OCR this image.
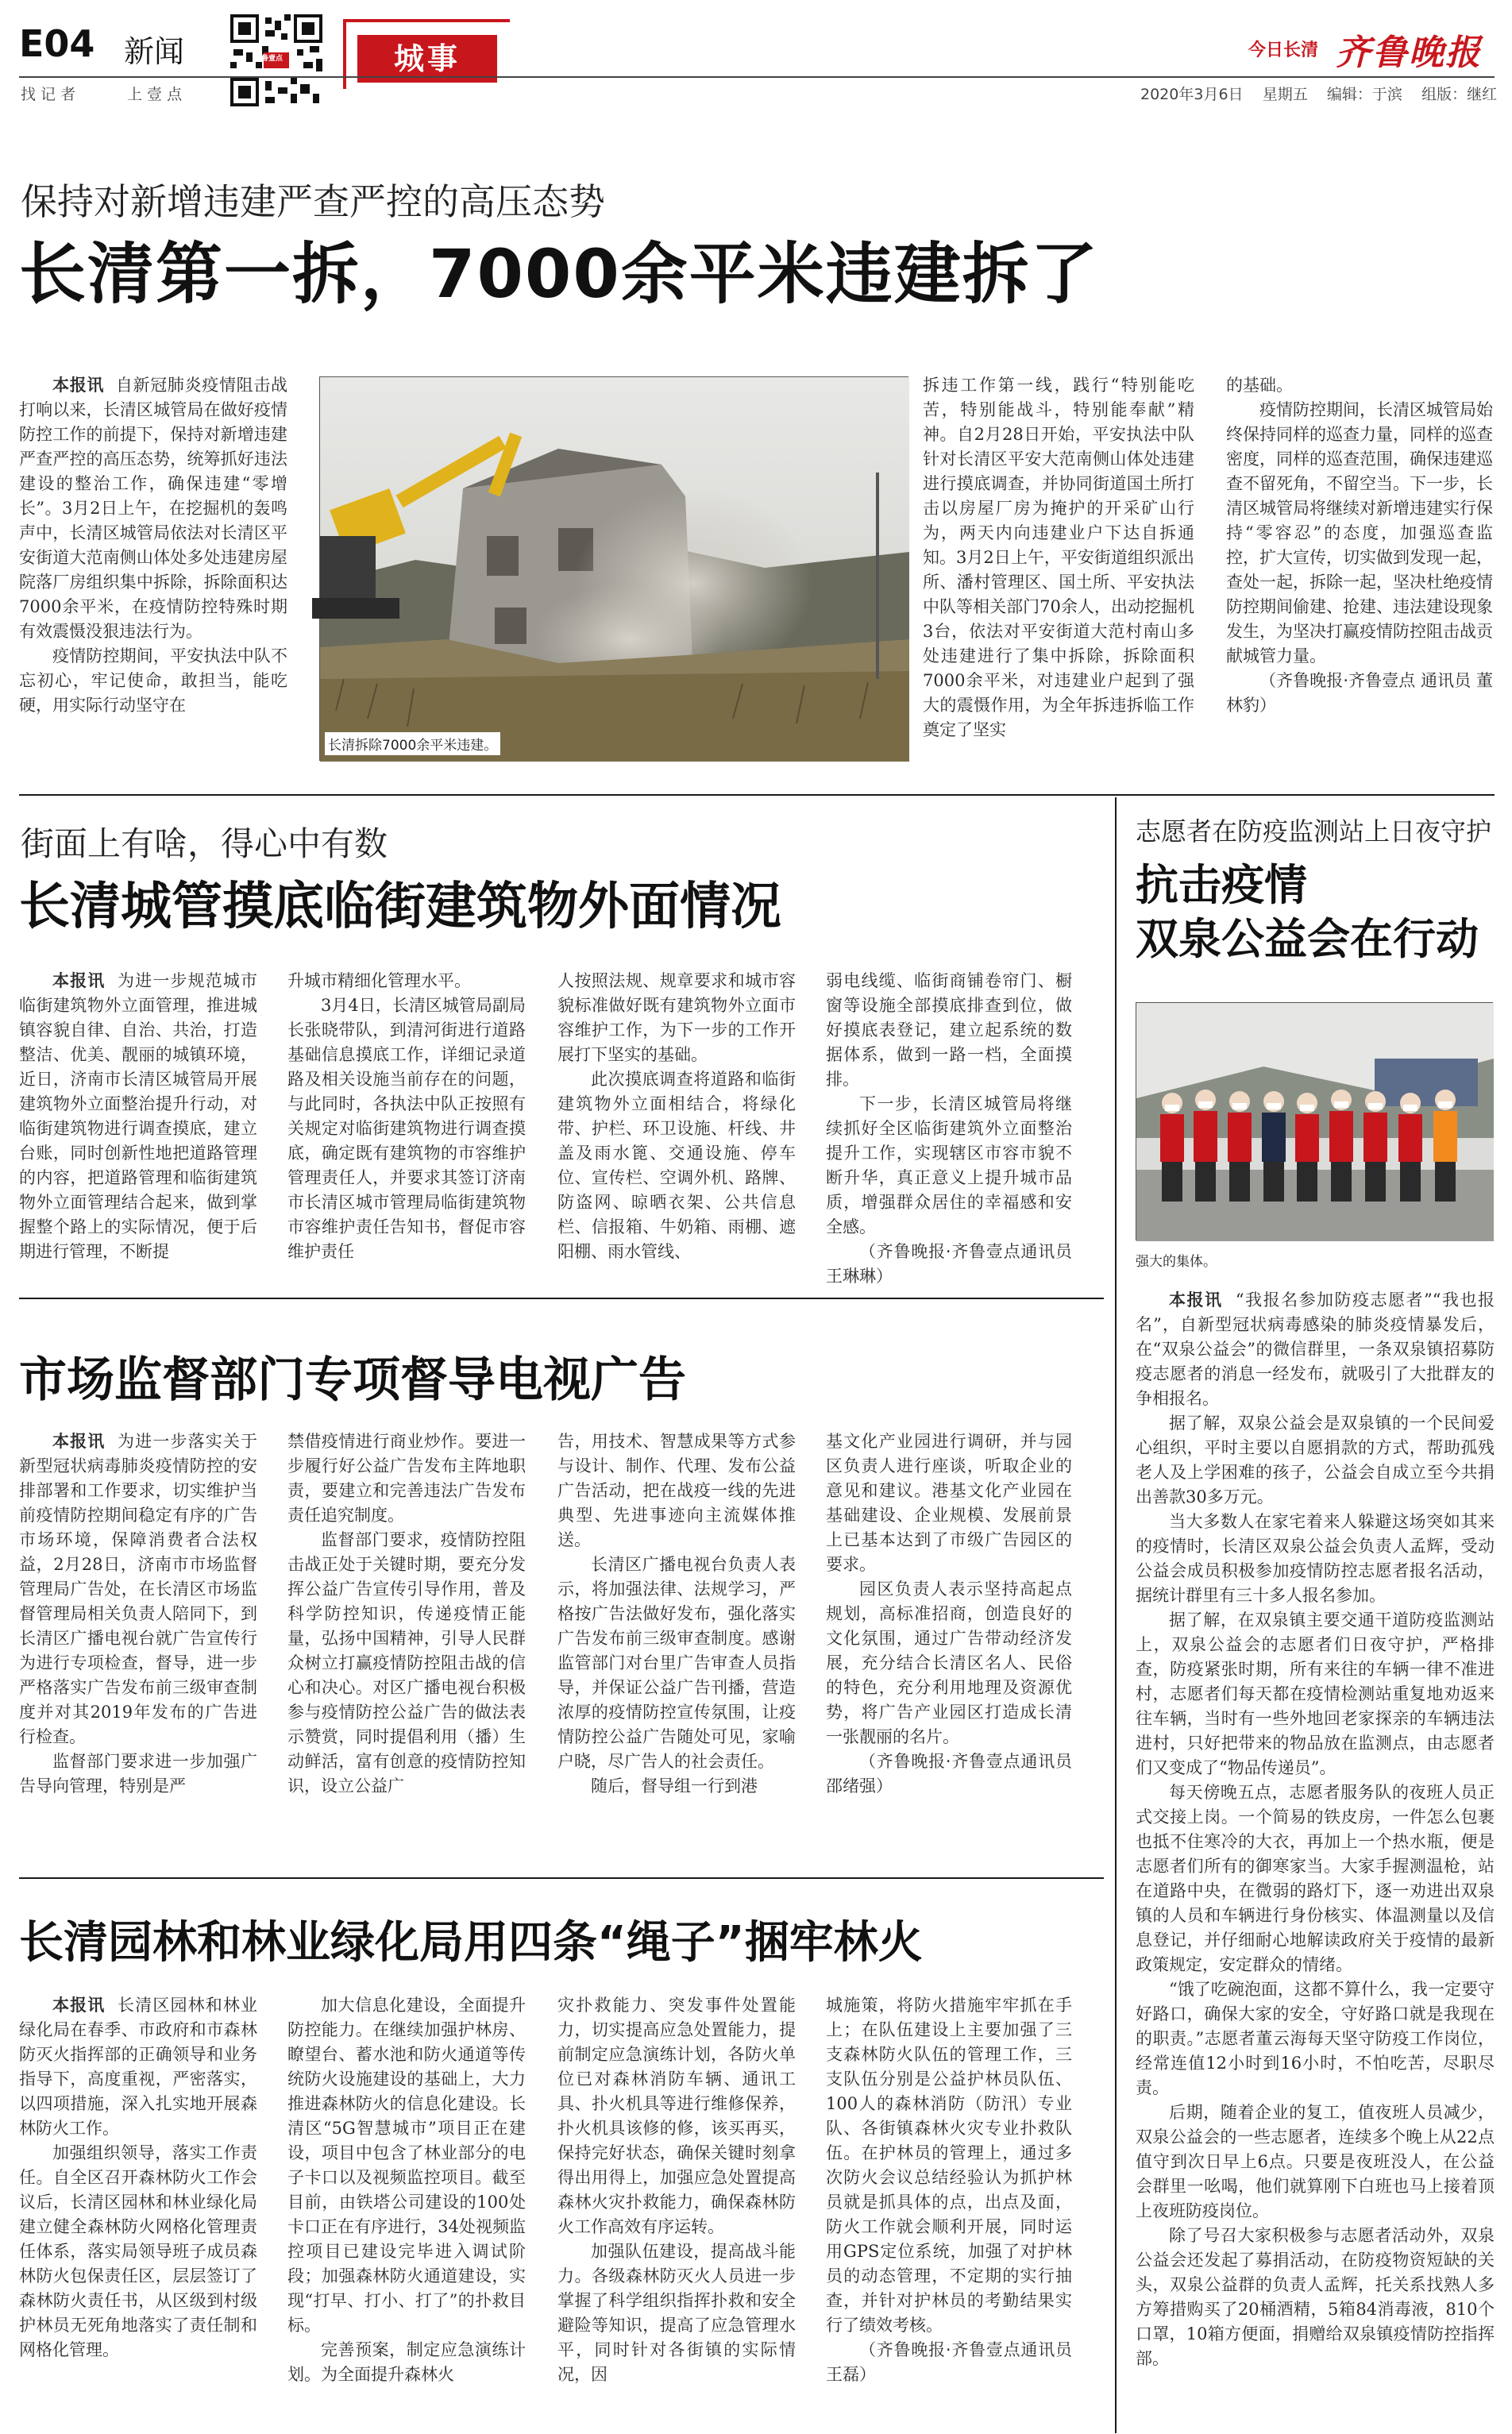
E04 新闻
找 记 者	上 壹 点
齐鲁壹点	城事	今日长清 齐鲁晚报
2020年3月6日 星期五 编辑：于滨 组版：继红
保持对新增违建严查严控的高压态势
长清第一拆，7000余平米违建拆了

本报讯 自新冠肺炎疫情阻击战打响以来，长清区城管局在做好疫情防控工作的前提下，保持对新增违建严查严控的高压态势，统筹抓好违法建设的整治工作，确保违建“零增长”。3月2日上午，在挖掘机的轰鸣声中，长清区城管局依法对长清区平安街道大范南侧山体处多处违建房屋院落厂房组织集中拆除，拆除面积达7000余平米，在疫情防控特殊时期有效震慑没狠违法行为。

疫情防控期间，平安执法中队不忘初心，牢记使命，敢担当，能吃硬，用实际行动坚守在

长清拆除7000余平米违建。

拆违工作第一线，践行“特别能吃苦，特别能战斗，特别能奉献”精神。自2月28日开始，平安执法中队针对长清区平安大范南侧山体处违建进行摸底调查，并协同街道国土所打击以房屋厂房为掩护的开采矿山行为，两天内向违建业户下达自拆通知。3月2日上午，平安街道组织派出所、潘村管理区、国土所、平安执法中队等相关部门70余人，出动挖掘机3台，依法对平安街道大范村南山多处违建进行了集中拆除，拆除面积7000余平米，对违建业户起到了强大的震慑作用，为全年拆违拆临工作奠定了坚实

的基础。

疫情防控期间，长清区城管局始终保持同样的巡查力量，同样的巡查密度，同样的巡查范围，确保违建巡查不留死角，不留空当。下一步，长清区城管局将继续对新增违建实行保持“零容忍”的态度，加强巡查监控，扩大宣传，切实做到发现一起，查处一起，拆除一起，坚决杜绝疫情防控期间偷建、抢建、违法建设现象发生，为坚决打赢疫情防控阻击战贡献城管力量。

（齐鲁晚报·齐鲁壹点 通讯员 董林豹）

街面上有啥，得心中有数
长清城管摸底临街建筑物外面情况

本报讯 为进一步规范城市临街建筑物外立面管理，推进城镇容貌自律、自治、共治，打造整洁、优美、靓丽的城镇环境，近日，济南市长清区城管局开展建筑物外立面整治提升行动，对临街建筑物进行调查摸底，建立台账，同时创新性地把道路管理的内容，把道路管理和临街建筑物外立面管理结合起来，做到掌握整个路上的实际情况，便于后期进行管理，不断提

升城市精细化管理水平。

3月4日，长清区城管局副局长张晓带队，到清河街进行道路基础信息摸底工作，详细记录道路及相关设施当前存在的问题，与此同时，各执法中队正按照有关规定对临街建筑物进行调查摸底，确定既有建筑物的市容维护管理责任人，并要求其签订济南市长清区城市管理局临街建筑物市容维护责任告知书，督促市容维护责任

人按照法规、规章要求和城市容貌标准做好既有建筑物外立面市容维护工作，为下一步的工作开展打下坚实的基础。

此次摸底调查将道路和临街建筑物外立面相结合，将绿化带、护栏、环卫设施、杆线、井盖及雨水篦、交通设施、停车位、宣传栏、空调外机、路牌、防盗网、晾晒衣架、公共信息栏、信报箱、牛奶箱、雨棚、遮阳棚、雨水管线、

弱电线缆、临街商铺卷帘门、橱窗等设施全部摸底排查到位，做好摸底表登记，建立起系统的数据体系，做到一路一档，全面摸排。

下一步，长清区城管局将继续抓好全区临街建筑外立面整治提升工作，实现辖区市容市貌不断升华，真正意义上提升城市品质，增强群众居住的幸福感和安全感。

（齐鲁晚报·齐鲁壹点通讯员 王琳琳）

志愿者在防疫监测站上日夜守护
抗击疫情
双泉公益会在行动
强大的集体。

本报讯 “我报名参加防疫志愿者”“我也报名”，自新型冠状病毒感染的肺炎疫情暴发后，在“双泉公益会”的微信群里，一条双泉镇招募防疫志愿者的消息一经发布，就吸引了大批群友的争相报名。

据了解，双泉公益会是双泉镇的一个民间爱心组织，平时主要以自愿捐款的方式，帮助孤残老人及上学困难的孩子，公益会自成立至今共捐出善款30多万元。

当大多数人在家宅着来人躲避这场突如其来的疫情时，长清区双泉公益会负责人孟辉，受动公益会成员积极参加疫情防控志愿者报名活动，据统计群里有三十多人报名参加。

据了解，在双泉镇主要交通干道防疫监测站上，双泉公益会的志愿者们日夜守护，严格排查，防疫紧张时期，所有来往的车辆一律不准进村，志愿者们每天都在疫情检测站重复地劝返来往车辆，当时有一些外地回老家探亲的车辆违法进村，只好把带来的物品放在监测点，由志愿者们又变成了“物品传递员”。

每天傍晚五点，志愿者服务队的夜班人员正式交接上岗。一个简易的铁皮房，一件怎么包裹也抵不住寒冷的大衣，再加上一个热水瓶，便是志愿者们所有的御寒家当。大家手握测温枪，站在道路中央，在微弱的路灯下，逐一劝进出双泉镇的人员和车辆进行身份核实、体温测量以及信息登记，并仔细耐心地解读政府关于疫情的最新政策规定，安定群众的情绪。

“饿了吃碗泡面，这都不算什么，我一定要守好路口，确保大家的安全，守好路口就是我现在的职责。”志愿者董云海每天坚守防疫工作岗位，经常连值12小时到16小时，不怕吃苦，尽职尽责。

后期，随着企业的复工，值夜班人员减少，双泉公益会的一些志愿者，连续多个晚上从22点值守到次日早上6点。只要是夜班没人，在公益会群里一吆喝，他们就算刚下白班也马上接着顶上夜班防疫岗位。

除了号召大家积极参与志愿者活动外，双泉公益会还发起了募捐活动，在防疫物资短缺的关头，双泉公益群的负责人孟辉，托关系找熟人多方筹措购买了20桶酒精，5箱84消毒液，810个口罩，10箱方便面，捐赠给双泉镇疫情防控指挥部。

市场监督部门专项督导电视广告

本报讯 为进一步落实关于新型冠状病毒肺炎疫情防控的安排部署和工作要求，切实维护当前疫情防控期间稳定有序的广告市场环境，保障消费者合法权益，2月28日，济南市市场监督管理局广告处，在长清区市场监督管理局相关负责人陪同下，到长清区广播电视台就广告宣传行为进行专项检查，督导，进一步严格落实广告发布前三级审查制度并对其2019年发布的广告进行检查。

监督部门要求进一步加强广告导向管理，特别是严

禁借疫情进行商业炒作。要进一步履行好公益广告发布主阵地职责，要建立和完善违法广告发布责任追究制度。

监督部门要求，疫情防控阻击战正处于关键时期，要充分发挥公益广告宣传引导作用，普及科学防控知识，传递疫情正能量，弘扬中国精神，引导人民群众树立打赢疫情防控阻击战的信心和决心。对区广播电视台积极参与疫情防控公益广告的做法表示赞赏，同时提倡利用（播）生动鲜活，富有创意的疫情防控知识，设立公益广

告，用技术、智慧成果等方式参与设计、制作、代理、发布公益广告活动，把在战疫一线的先进典型、先进事迹向主流媒体推送。

长清区广播电视台负责人表示，将加强法律、法规学习，严格按广告法做好发布，强化落实广告发布前三级审查制度。感谢监管部门对台里广告审查人员指导，并保证公益广告刊播，营造浓厚的疫情防控宣传氛围，让疫情防控公益广告随处可见，家喻户晓，尽广告人的社会责任。

随后，督导组一行到港

基文化产业园进行调研，并与园区负责人进行座谈，听取企业的意见和建议。港基文化产业园在基础建设、企业规模、发展前景上已基本达到了市级广告园区的要求。

园区负责人表示坚持高起点规划，高标准招商，创造良好的文化氛围，通过广告带动经济发展，充分结合长清区名人、民俗的特色，充分利用地理及资源优势，将广告产业园区打造成长清一张靓丽的名片。

（齐鲁晚报·齐鲁壹点通讯员 邵绪强）

长清园林和林业绿化局用四条“绳子”捆牢林火

本报讯 长清区园林和林业绿化局在春季、市政府和市森林防灭火指挥部的正确领导和业务指导下，高度重视，严密落实，以四项措施，深入扎实地开展森林防火工作。

加强组织领导，落实工作责任。自全区召开森林防火工作会议后，长清区园林和林业绿化局建立健全森林防火网格化管理责任体系，落实局领导班子成员森林防火包保责任区，层层签订了森林防火责任书，从区级到村级护林员无死角地落实了责任制和网格化管理。

加大信息化建设，全面提升防控能力。在继续加强护林房、瞭望台、蓄水池和防火通道等传统防火设施建设的基础上，大力推进森林防火的信息化建设。长清区“5G智慧城市”项目正在建设，项目中包含了林业部分的电子卡口以及视频监控项目。截至目前，由铁塔公司建设的100处卡口正在有序进行，34处视频监控项目已建设完毕进入调试阶段；加强森林防火通道建设，实现“打早、打小、打了”的扑救目标。

完善预案，制定应急演练计划。为全面提升森林火

灾扑救能力、突发事件处置能力，切实提高应急处置能力，提前制定应急演练计划，各防火单位已对森林消防车辆、通讯工具、扑火机具等进行维修保养，扑火机具该修的修，该买再买，保持完好状态，确保关键时刻拿得出用得上，加强应急处置提高森林火灾扑救能力，确保森林防火工作高效有序运转。

加强队伍建设，提高战斗能力。各级森林防灭火人员进一步掌握了科学组织指挥扑救和安全避险等知识，提高了应急管理水平，同时针对各街镇的实际情况，因

城施策，将防火措施牢牢抓在手上；在队伍建设上主要加强了三支森林防火队伍的管理工作，三支队伍分别是公益护林员队伍、100人的森林消防（防汛）专业队、各街镇森林火灾专业扑救队伍。在护林员的管理上，通过多次防火会议总结经验认为抓护林员就是抓具体的点，出点及面，防火工作就会顺利开展，同时运用GPS定位系统，加强了对护林员的动态管理，不定期的实行抽查，并针对护林员的考勤结果实行了绩效考核。

（齐鲁晚报·齐鲁壹点通讯员 王磊）
